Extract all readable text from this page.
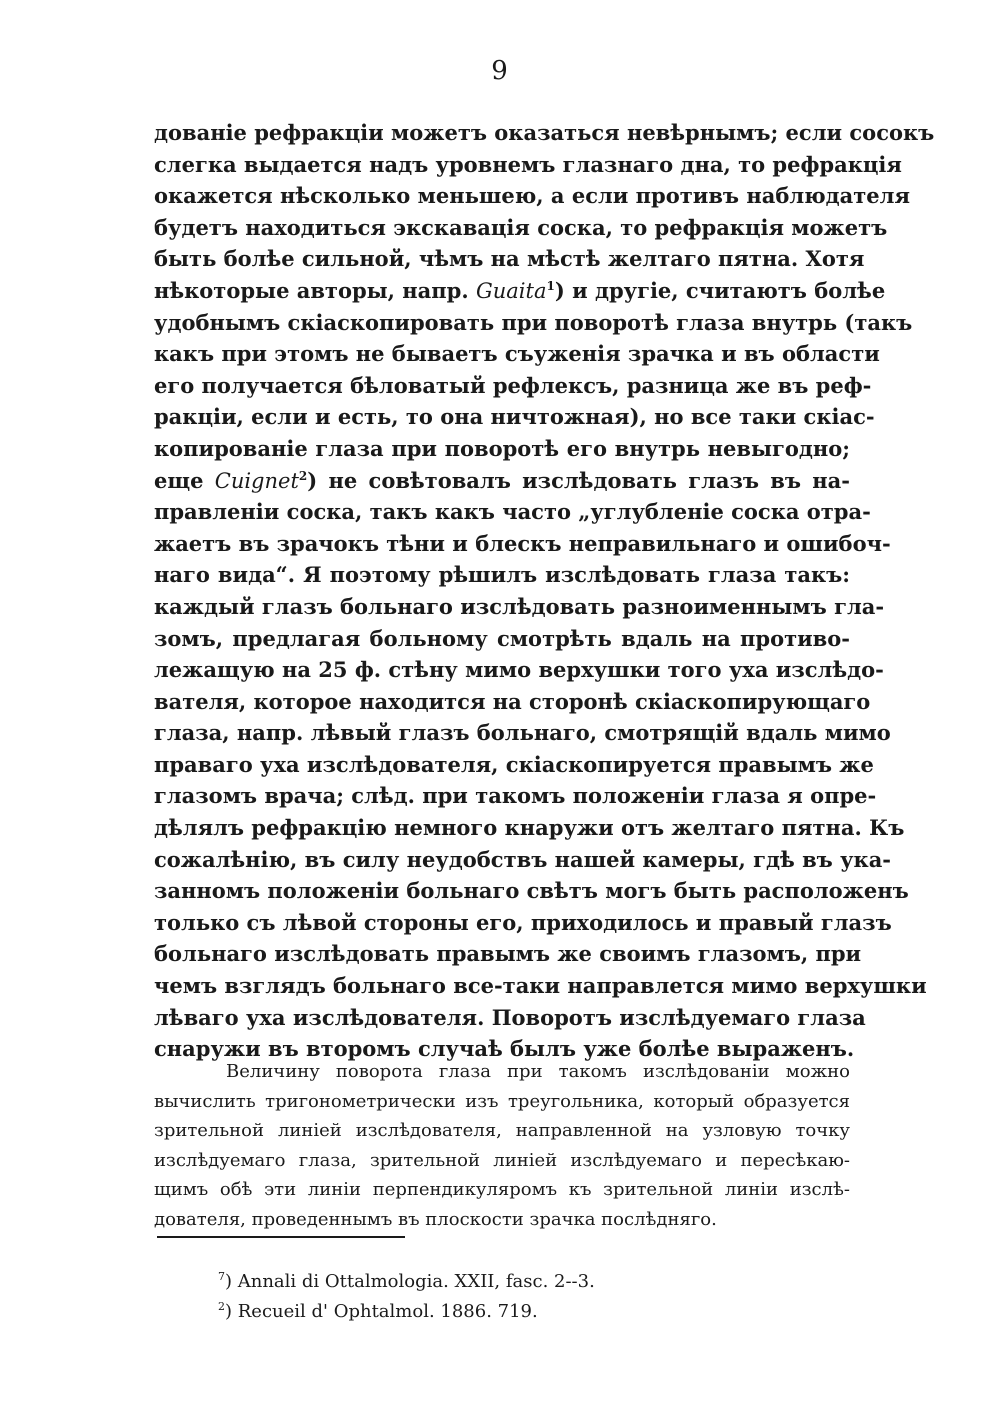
9
дованіе рефракціи можетъ оказаться невѣрнымъ; если сосокъ
слегка выдается надъ уровнемъ глазнаго дна, то рефракція
окажется нѣсколько меньшею, а если противъ наблюдателя
будетъ находиться экскавація соска, то рефракція можетъ
быть болѣе сильной, чѣмъ на мѣстѣ желтаго пятна. Хотя
нѣкоторые авторы, напр. Guaita$^1$) и другіе, считаютъ болѣе
удобнымъ скіаскопировать при поворотѣ глаза внутрь (такъ
какъ при этомъ не бываетъ съуженія зрачка и въ области
его получается бѣловатый рефлексъ, разница же въ реф-
ракціи, если и есть, то она ничтожная), но все таки скіас-
копированіе глаза при поворотѣ его внутрь невыгодно;
еще Cuignet$^2$) не совѣтовалъ изслѣдовать глазъ въ на-
правленіи соска, такъ какъ часто „углубленіе соска отра-
жаетъ въ зрачокъ тѣни и блескъ неправильнаго и ошибоч-
наго вида“. Я поэтому рѣшилъ изслѣдовать глаза такъ:
каждый глазъ больнаго изслѣдовать разноименнымъ гла-
зомъ, предлагая больному смотрѣть вдаль на противо-
лежащую на 25 ф. стѣну мимо верхушки того уха изслѣдо-
вателя, которое находится на сторонѣ скіаскопирующаго
глаза, напр. лѣвый глазъ больнаго, смотрящій вдаль мимо
праваго уха изслѣдователя, скіаскопируется правымъ же
глазомъ врача; слѣд. при такомъ положеніи глаза я опре-
дѣлялъ рефракцію немного кнаружи отъ желтаго пятна. Къ
сожалѣнію, въ силу неудобствъ нашей камеры, гдѣ въ ука-
занномъ положеніи больнаго свѣтъ могъ быть расположенъ
только съ лѣвой стороны его, приходилось и правый глазъ
больнаго изслѣдовать правымъ же своимъ глазомъ, при
чемъ взглядъ больнаго все-таки направлется мимо верхушки
лѣваго уха изслѣдователя. Поворотъ изслѣдуемаго глаза
снаружи въ второмъ случаѣ былъ уже болѣе выраженъ.
Величину поворота глаза при такомъ изслѣдованіи можно
вычислить тригонометрически изъ треугольника, который образуется
зрительной линіей изслѣдователя, направленной на узловую точку
изслѣдуемаго глаза, зрительной линіей изслѣдуемаго и пересѣкаю-
щимъ обѣ эти линіи перпендикуляромъ къ зрительной линіи изслѣ-
дователя, проведеннымъ въ плоскости зрачка послѣдняго.
$^7$) Annali di Ottalmologia. XXII, fasc. 2--3.
$^2$) Recueil d' Ophtalmol. 1886. 719.
